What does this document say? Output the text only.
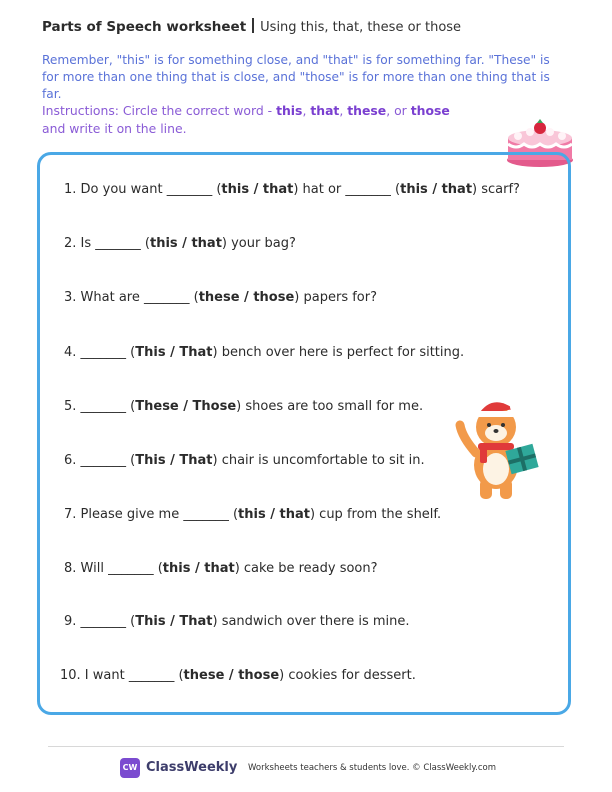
Parts of Speech worksheet Using this, that, these or those
Remember, "this" is for something close, and "that" is for something far. "These" is for more than one thing that is close, and "those" is for more than one thing that is far.
Instructions: Circle the correct word - this, that, these, or those
and write it on the line.
1. Do you want _______ (this / that) hat or _______ (this / that) scarf?
2. Is _______ (this / that) your bag?
3. What are _______ (these / those) papers for?
4. _______ (This / That) bench over here is perfect for sitting.
5. _______ (These / Those) shoes are too small for me.
6. _______ (This / That) chair is uncomfortable to sit in.
7. Please give me _______ (this / that) cup from the shelf.
8. Will _______ (this / that) cake be ready soon?
9. _______ (This / That) sandwich over there is mine.
10. I want _______ (these / those) cookies for dessert.
CW ClassWeekly Worksheets teachers & students love. © ClassWeekly.com
